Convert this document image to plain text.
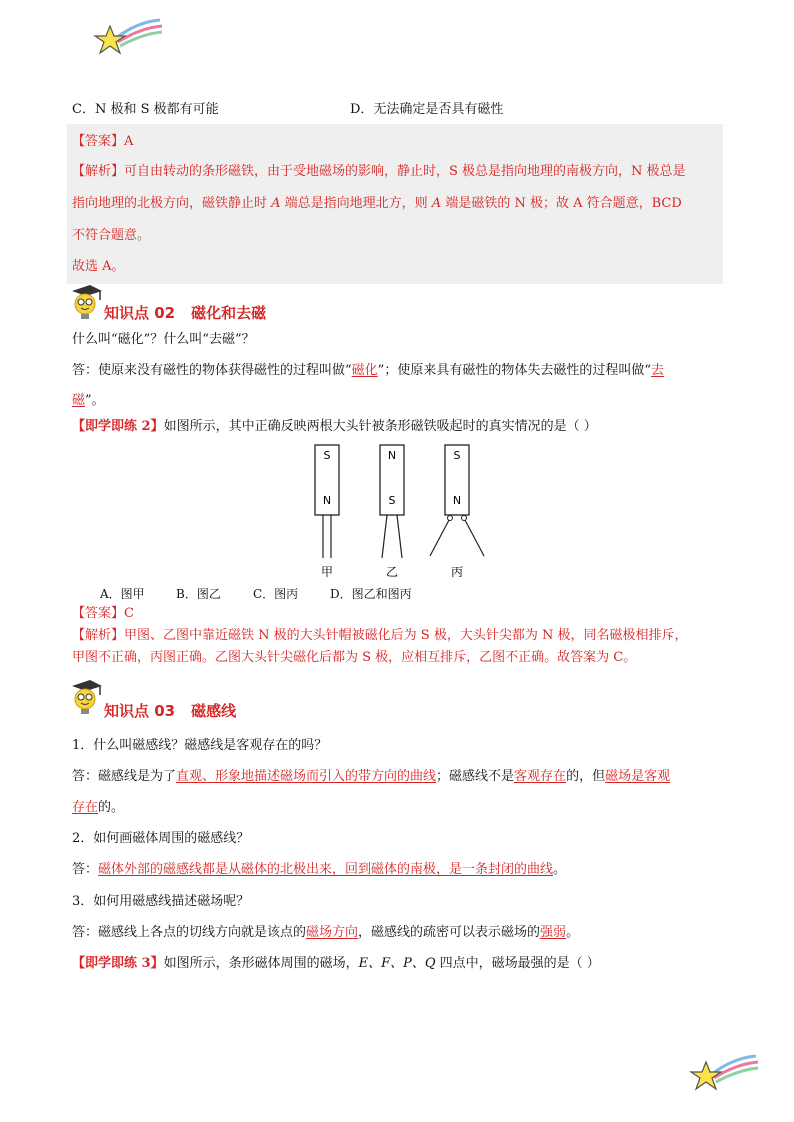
C．N 极和 S 极都有可能	D．无法确定是否具有磁性
【答案】A
【解析】可自由转动的条形磁铁，由于受地磁场的影响，静止时，S 极总是指向地理的南极方向，N 极总是
指向地理的北极方向，磁铁静止时 A 端总是指向地理北方，则 A 端是磁铁的 N 极；故 A 符合题意，BCD
不符合题意。
故选 A。
知识点 02 磁化和去磁
什么叫“磁化”？什么叫“去磁”？
答：使原来没有磁性的物体获得磁性的过程叫做“磁化”；使原来具有磁性的物体失去磁性的过程叫做“去
磁”。
【即学即练 2】如图所示，其中正确反映两根大头针被条形磁铁吸起时的真实情况的是（ ）
S
N
甲
N
S
乙
S
N
丙
A．图甲	B．图乙	C．图丙	D．图乙和图丙
【答案】C
【解析】甲图、乙图中靠近磁铁 N 极的大头针帽被磁化后为 S 极，大头针尖都为 N 极，同名磁极相排斥，
甲图不正确，丙图正确。乙图大头针尖磁化后都为 S 极，应相互排斥，乙图不正确。故答案为 C。
知识点 03 磁感线
1．什么叫磁感线？磁感线是客观存在的吗？
答：磁感线是为了直观、形象地描述磁场而引入的带方向的曲线；磁感线不是客观存在的，但磁场是客观
存在的。
2．如何画磁体周围的磁感线？
答：磁体外部的磁感线都是从磁体的北极出来，回到磁体的南极，是一条封闭的曲线。
3．如何用磁感线描述磁场呢？
答：磁感线上各点的切线方向就是该点的磁场方向，磁感线的疏密可以表示磁场的强弱。
【即学即练 3】如图所示，条形磁体周围的磁场，E、F、P、Q 四点中，磁场最强的是（ ）
